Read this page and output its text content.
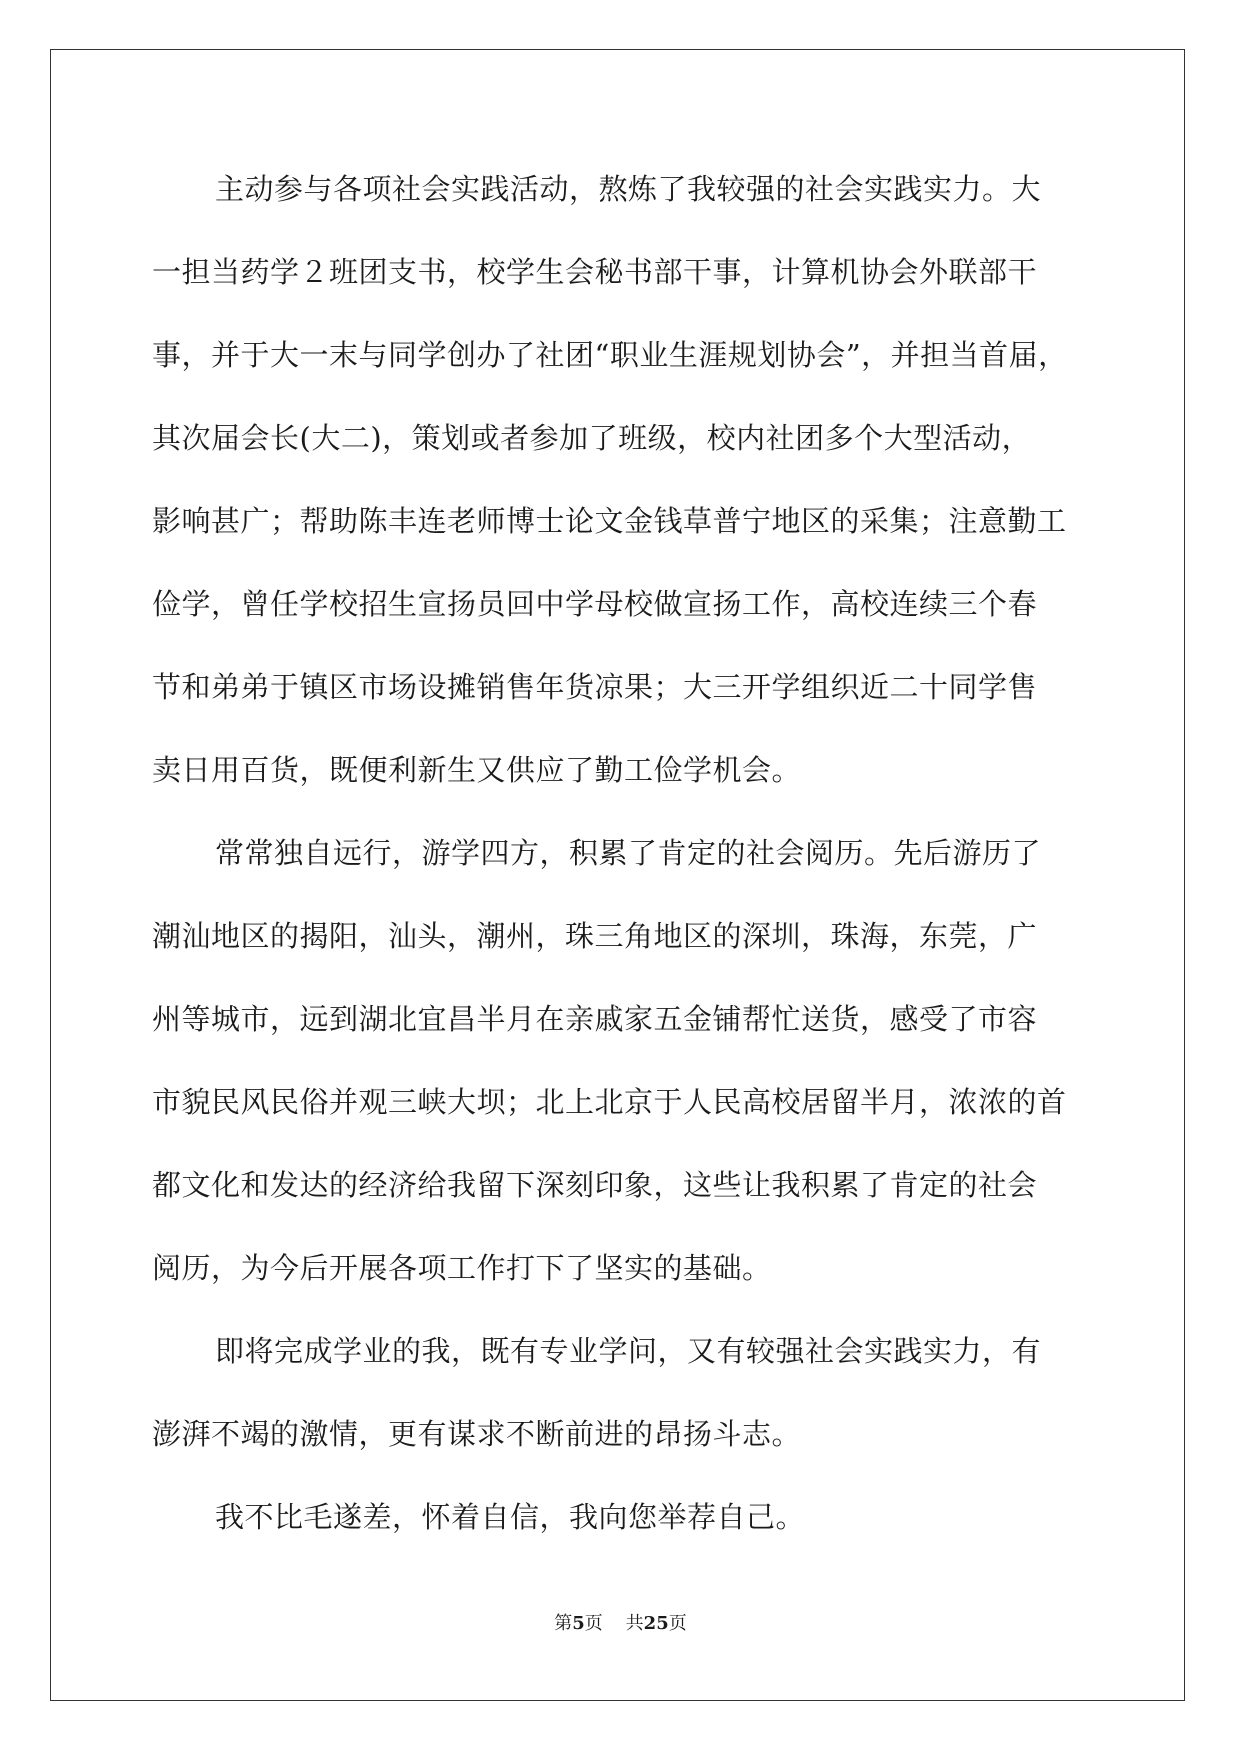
主动参与各项社会实践活动，熬炼了我较强的社会实践实力。大
一担当药学２班团支书，校学生会秘书部干事，计算机协会外联部干
事，并于大一末与同学创办了社团“职业生涯规划协会”，并担当首届，
其次届会长(大二)，策划或者参加了班级，校内社团多个大型活动，
影响甚广；帮助陈丰连老师博士论文金钱草普宁地区的采集；注意勤工
俭学，曾任学校招生宣扬员回中学母校做宣扬工作，高校连续三个春
节和弟弟于镇区市场设摊销售年货凉果；大三开学组织近二十同学售
卖日用百货，既便利新生又供应了勤工俭学机会。
常常独自远行，游学四方，积累了肯定的社会阅历。先后游历了
潮汕地区的揭阳，汕头，潮州，珠三角地区的深圳，珠海，东莞，广
州等城市，远到湖北宜昌半月在亲戚家五金铺帮忙送货，感受了市容
市貌民风民俗并观三峡大坝；北上北京于人民高校居留半月，浓浓的首
都文化和发达的经济给我留下深刻印象，这些让我积累了肯定的社会
阅历，为今后开展各项工作打下了坚实的基础。
即将完成学业的我，既有专业学问，又有较强社会实践实力，有
澎湃不竭的激情，更有谋求不断前进的昂扬斗志。
我不比毛遂差，怀着自信，我向您举荐自己。
第5页 共25页
